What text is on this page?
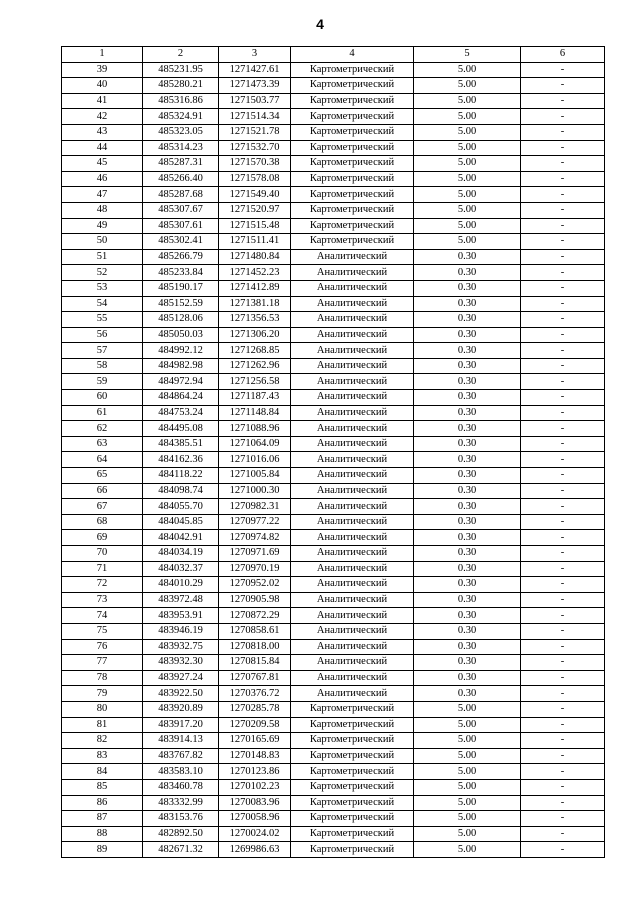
4
1	2	3	4	5	6
39	485231.95	1271427.61	Картометрический	5.00	-
40	485280.21	1271473.39	Картометрический	5.00	-
41	485316.86	1271503.77	Картометрический	5.00	-
42	485324.91	1271514.34	Картометрический	5.00	-
43	485323.05	1271521.78	Картометрический	5.00	-
44	485314.23	1271532.70	Картометрический	5.00	-
45	485287.31	1271570.38	Картометрический	5.00	-
46	485266.40	1271578.08	Картометрический	5.00	-
47	485287.68	1271549.40	Картометрический	5.00	-
48	485307.67	1271520.97	Картометрический	5.00	-
49	485307.61	1271515.48	Картометрический	5.00	-
50	485302.41	1271511.41	Картометрический	5.00	-
51	485266.79	1271480.84	Аналитический	0.30	-
52	485233.84	1271452.23	Аналитический	0.30	-
53	485190.17	1271412.89	Аналитический	0.30	-
54	485152.59	1271381.18	Аналитический	0.30	-
55	485128.06	1271356.53	Аналитический	0.30	-
56	485050.03	1271306.20	Аналитический	0.30	-
57	484992.12	1271268.85	Аналитический	0.30	-
58	484982.98	1271262.96	Аналитический	0.30	-
59	484972.94	1271256.58	Аналитический	0.30	-
60	484864.24	1271187.43	Аналитический	0.30	-
61	484753.24	1271148.84	Аналитический	0.30	-
62	484495.08	1271088.96	Аналитический	0.30	-
63	484385.51	1271064.09	Аналитический	0.30	-
64	484162.36	1271016.06	Аналитический	0.30	-
65	484118.22	1271005.84	Аналитический	0.30	-
66	484098.74	1271000.30	Аналитический	0.30	-
67	484055.70	1270982.31	Аналитический	0.30	-
68	484045.85	1270977.22	Аналитический	0.30	-
69	484042.91	1270974.82	Аналитический	0.30	-
70	484034.19	1270971.69	Аналитический	0.30	-
71	484032.37	1270970.19	Аналитический	0.30	-
72	484010.29	1270952.02	Аналитический	0.30	-
73	483972.48	1270905.98	Аналитический	0.30	-
74	483953.91	1270872.29	Аналитический	0.30	-
75	483946.19	1270858.61	Аналитический	0.30	-
76	483932.75	1270818.00	Аналитический	0.30	-
77	483932.30	1270815.84	Аналитический	0.30	-
78	483927.24	1270767.81	Аналитический	0.30	-
79	483922.50	1270376.72	Аналитический	0.30	-
80	483920.89	1270285.78	Картометрический	5.00	-
81	483917.20	1270209.58	Картометрический	5.00	-
82	483914.13	1270165.69	Картометрический	5.00	-
83	483767.82	1270148.83	Картометрический	5.00	-
84	483583.10	1270123.86	Картометрический	5.00	-
85	483460.78	1270102.23	Картометрический	5.00	-
86	483332.99	1270083.96	Картометрический	5.00	-
87	483153.76	1270058.96	Картометрический	5.00	-
88	482892.50	1270024.02	Картометрический	5.00	-
89	482671.32	1269986.63	Картометрический	5.00	-
